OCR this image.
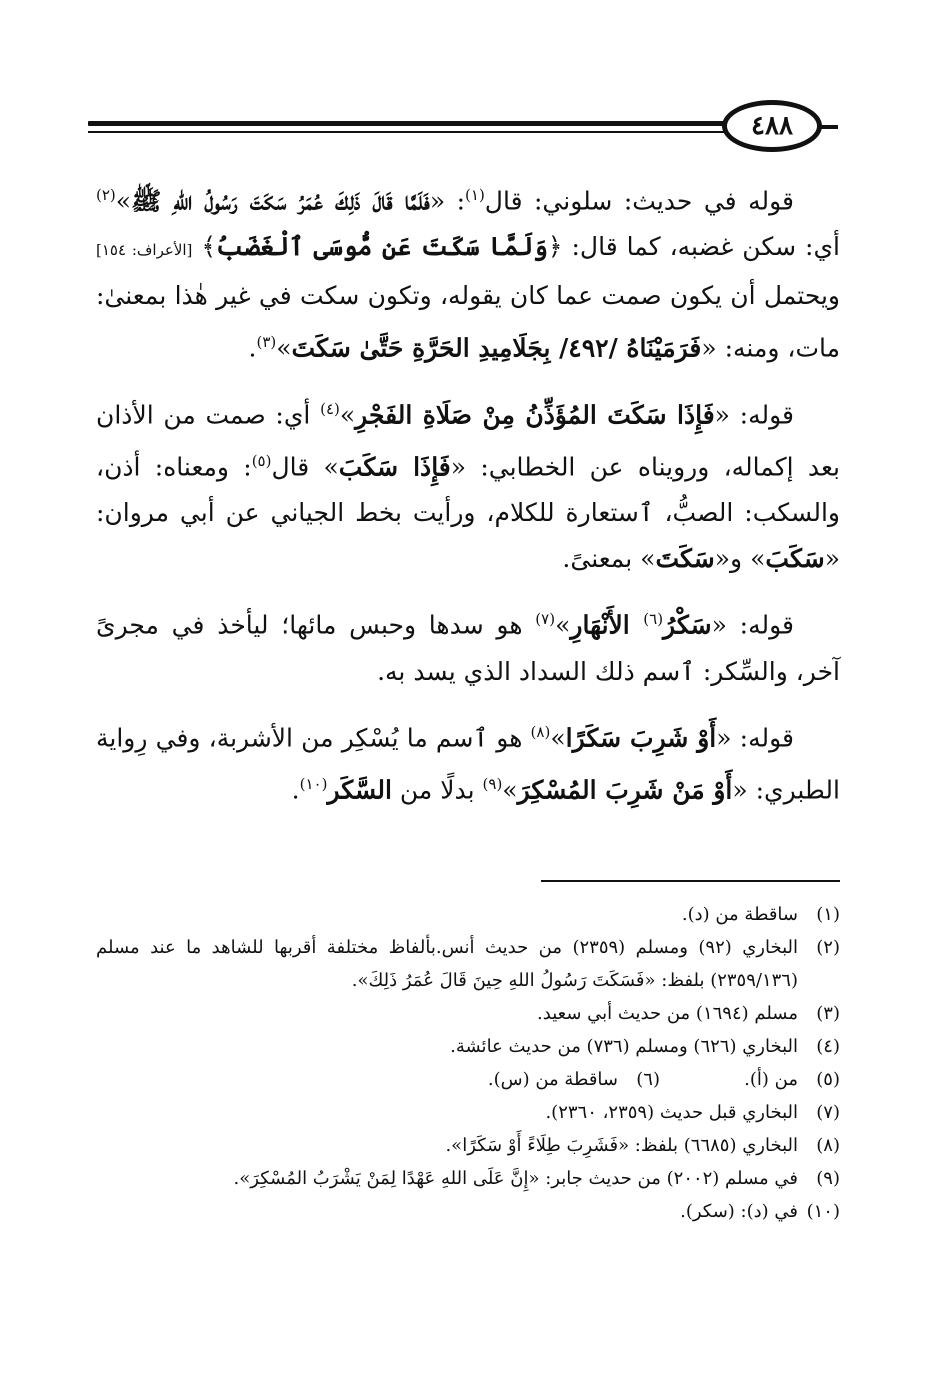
٤٨٨

قوله في حديث: سلوني: قال$^{(١)}$: «فَلَمَّا قَالَ ذَلِكَ عُمَرُ سَكَتَ رَسُولُ اللهِ ﷺ»$^{(٢)}$ أي: سكن غضبه، كما قال: ﴿وَلَمَّا سَكَتَ عَن مُّوسَى ٱلْغَضَبُ﴾ [الأعراف: ١٥٤] ويحتمل أن يكون صمت عما كان يقوله، وتكون سكت في غير هٰذا بمعنىٰ: مات، ومنه: «فَرَمَيْنَاهُ /٤٩٢/ بِجَلَامِيدِ الحَرَّةِ حَتَّىٰ سَكَتَ»$^{(٣)}$.

قوله: «فَإِذَا سَكَتَ المُؤَذِّنُ مِنْ صَلَاةِ الفَجْرِ»$^{(٤)}$ أي: صمت من الأذان بعد إكماله، ورويناه عن الخطابي: «فَإِذَا سَكَبَ» قال$^{(٥)}$: ومعناه: أذن، والسكب: الصبُّ، ٱستعارة للكلام، ورأيت بخط الجياني عن أبي مروان: «سَكَبَ» و«سَكَتَ» بمعنىً.

قوله: «سَكْرُ$^{(٦)}$ الأَنْهَارِ»$^{(٧)}$ هو سدها وحبس مائها؛ ليأخذ في مجرىً آخر، والسِّكر: ٱسم ذلك السداد الذي يسد به.

قوله: «أَوْ شَرِبَ سَكَرًا»$^{(٨)}$ هو ٱسم ما يُسْكِر من الأشربة، وفي رِواية الطبري: «أَوْ مَنْ شَرِبَ المُسْكِرَ»$^{(٩)}$ بدلًا من السَّكَر$^{(١٠)}$.

(١)
ساقطة من (د).
(٢)
البخاري (٩٢) ومسلم (٢٣٥٩) من حديث أنس.بألفاظ مختلفة أقربها للشاهد ما عند مسلم (٢٣٥٩/١٣٦) بلفظ: «فَسَكَتَ رَسُولُ اللهِ حِينَ قَالَ عُمَرُ ذَلِكَ».
(٣)
مسلم (١٦٩٤) من حديث أبي سعيد.
(٤)
البخاري (٦٢٦) ومسلم (٧٣٦) من حديث عائشة.
(٥)
من (أ).
(٦)
ساقطة من (س).
(٧)
البخاري قبل حديث (٢٣٥٩، ٢٣٦٠).
(٨)
البخاري (٦٦٨٥) بلفظ: «فَشَرِبَ طِلَاءً أَوْ سَكَرًا».
(٩)
في مسلم (٢٠٠٢) من حديث جابر: «إِنَّ عَلَى اللهِ عَهْدًا لِمَنْ يَشْرَبُ المُسْكِرَ».
(١٠)
في (د): (سكر).
